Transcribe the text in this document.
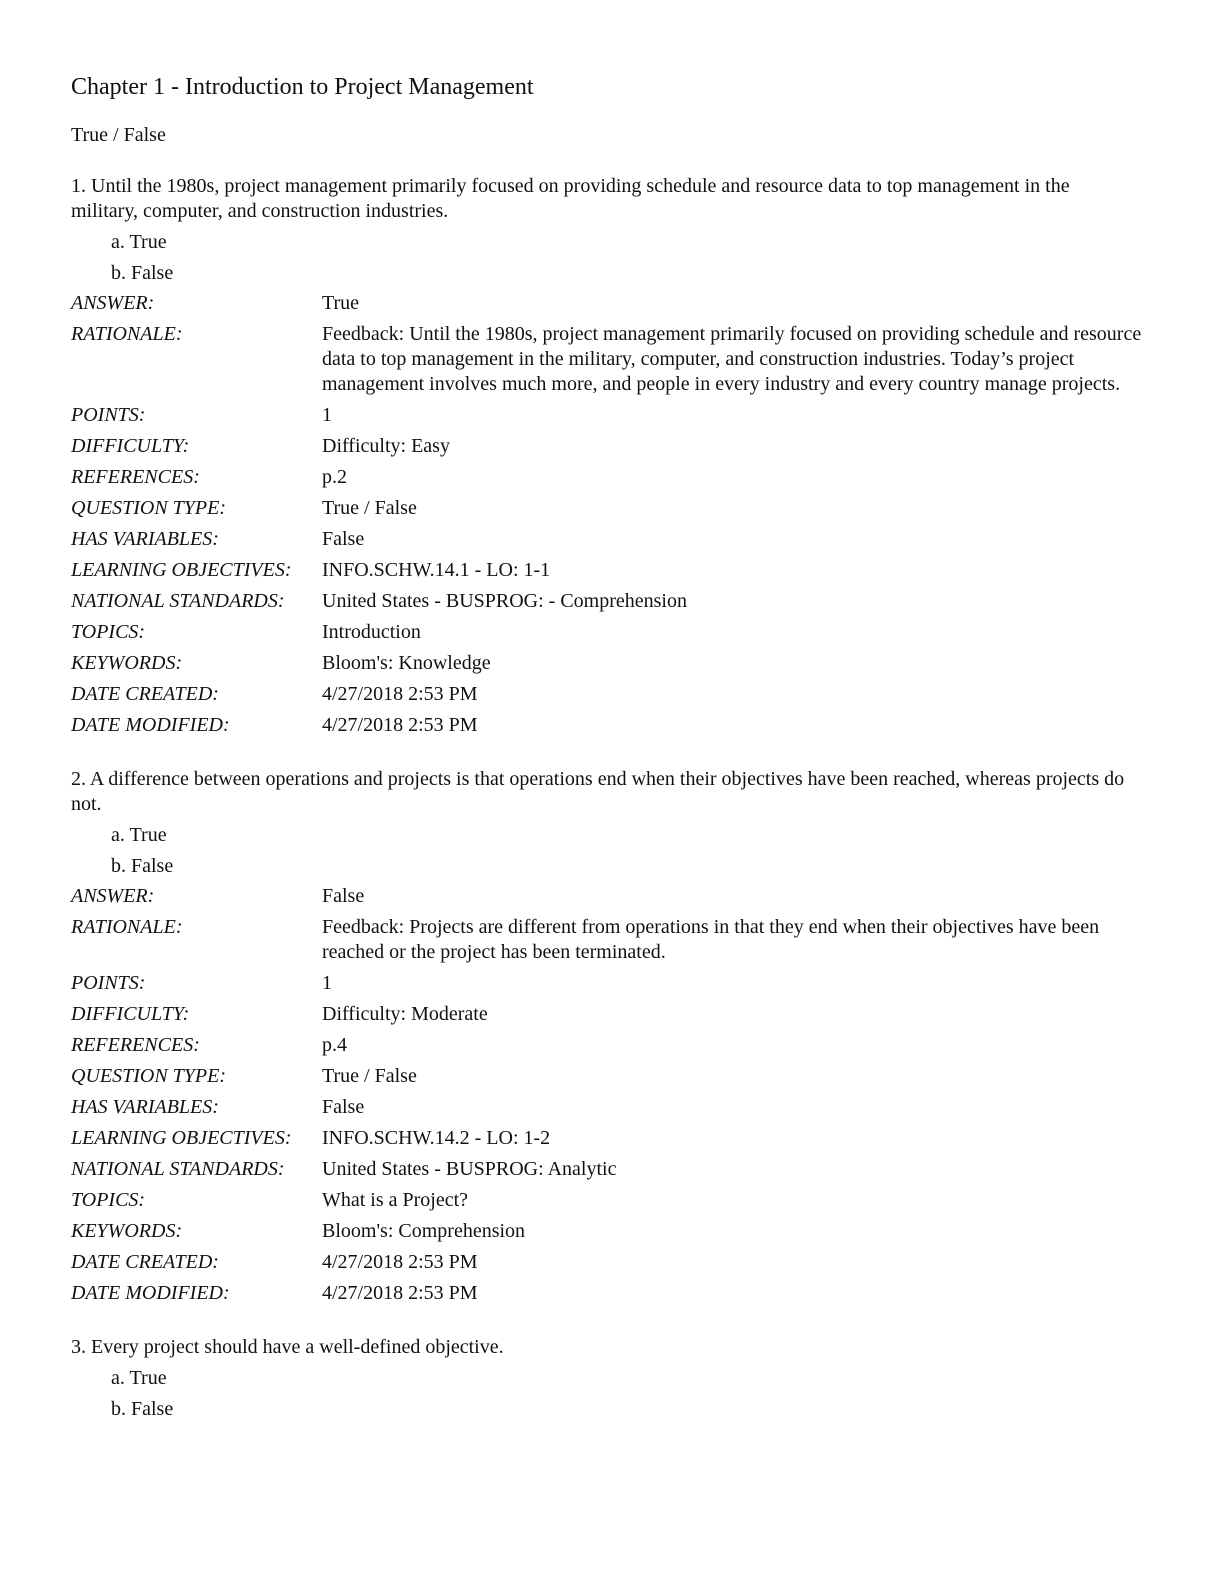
Chapter 1 - Introduction to Project Management
True / False
1. Until the 1980s, project management primarily focused on providing schedule and resource data to top management in the military, computer, and construction industries.
a. True
b. False
ANSWER:	True
RATIONALE:	Feedback: Until the 1980s, project management primarily focused on providing schedule and resource data to top management in the military, computer, and construction industries. Today’s project management involves much more, and people in every industry and every country manage projects.
POINTS:	1
DIFFICULTY:	Difficulty: Easy
REFERENCES:	p.2
QUESTION TYPE:	True / False
HAS VARIABLES:	False
LEARNING OBJECTIVES:	INFO.SCHW.14.1 - LO: 1-1
NATIONAL STANDARDS:	United States - BUSPROG: - Comprehension
TOPICS:	Introduction
KEYWORDS:	Bloom's: Knowledge
DATE CREATED:	4/27/2018 2:53 PM
DATE MODIFIED:	4/27/2018 2:53 PM
2. A difference between operations and projects is that operations end when their objectives have been reached, whereas projects do not.
a. True
b. False
ANSWER:	False
RATIONALE:	Feedback: Projects are different from operations in that they end when their objectives have been reached or the project has been terminated.
POINTS:	1
DIFFICULTY:	Difficulty: Moderate
REFERENCES:	p.4
QUESTION TYPE:	True / False
HAS VARIABLES:	False
LEARNING OBJECTIVES:	INFO.SCHW.14.2 - LO: 1-2
NATIONAL STANDARDS:	United States - BUSPROG: Analytic
TOPICS:	What is a Project?
KEYWORDS:	Bloom's: Comprehension
DATE CREATED:	4/27/2018 2:53 PM
DATE MODIFIED:	4/27/2018 2:53 PM
3. Every project should have a well-defined objective.
a. True
b. False
